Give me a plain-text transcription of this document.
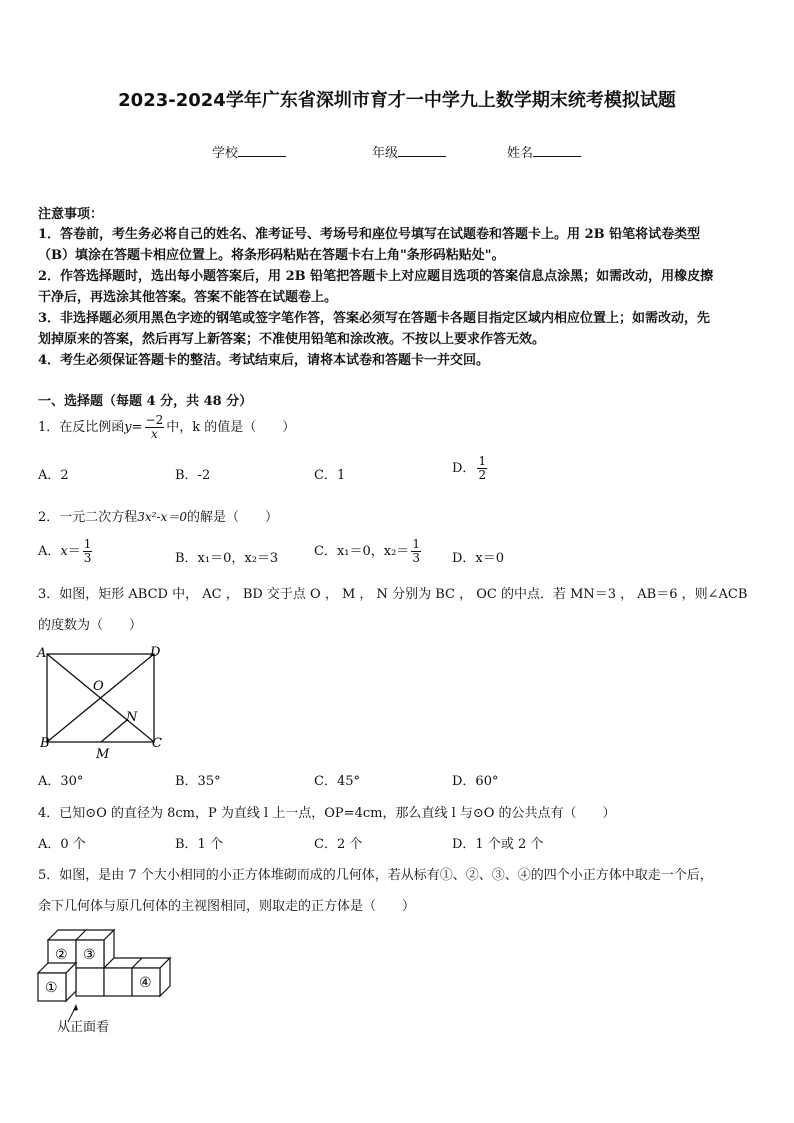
2023-2024学年广东省深圳市育才一中学九上数学期末统考模拟试题
学校	年级	姓名
注意事项：
1．答卷前，考生务必将自己的姓名、准考证号、考场号和座位号填写在试题卷和答题卡上。用 2B 铅笔将试卷类型
（B）填涂在答题卡相应位置上。将条形码粘贴在答题卡右上角"条形码粘贴处"。
2．作答选择题时，选出每小题答案后，用 2B 铅笔把答题卡上对应题目选项的答案信息点涂黑；如需改动，用橡皮擦
干净后，再选涂其他答案。答案不能答在试题卷上。
3．非选择题必须用黑色字迹的钢笔或签字笔作答，答案必须写在答题卡各题目指定区域内相应位置上；如需改动，先
划掉原来的答案，然后再写上新答案；不准使用铅笔和涂改液。不按以上要求作答无效。
4．考生必须保证答题卡的整洁。考试结束后，请将本试卷和答题卡一并交回。
一、选择题（每题 4 分，共 48 分）
1．在反比例函$y= \frac{-2}{x}$ 中，k 的值是（　　）
A．2	B．-2	C．1	D． $\frac{1}{2}$
2．一元二次方程3x²-x＝0的解是（　　）
A．$x= \frac{1}{3}$	B．x₁＝0，x₂＝3	C．x₁＝0，$x_2= \frac{1}{3}$ D．x＝0
3．如图，矩形 ABCD 中， AC ， BD 交于点 O ， M ， N 分别为 BC ， OC 的中点．若 MN＝3 ， AB＝6 ，则∠ACB
的度数为（　　）
A	D
B	C
O
N
M
A．30°	B．35°	C．45°	D．60°
4．已知⊙O 的直径为 8cm，P 为直线 l 上一点，OP=4cm，那么直线 l 与⊙O 的公共点有（　　）
A．0 个	B．1 个	C．2 个	D．1 个或 2 个
5．如图，是由 7 个大小相同的小正方体堆砌而成的几何体，若从标有①、②、③、④的四个小正方体中取走一个后，
余下几何体与原几何体的主视图相同，则取走的正方体是（　　）
② ③
④
①
从正面看
